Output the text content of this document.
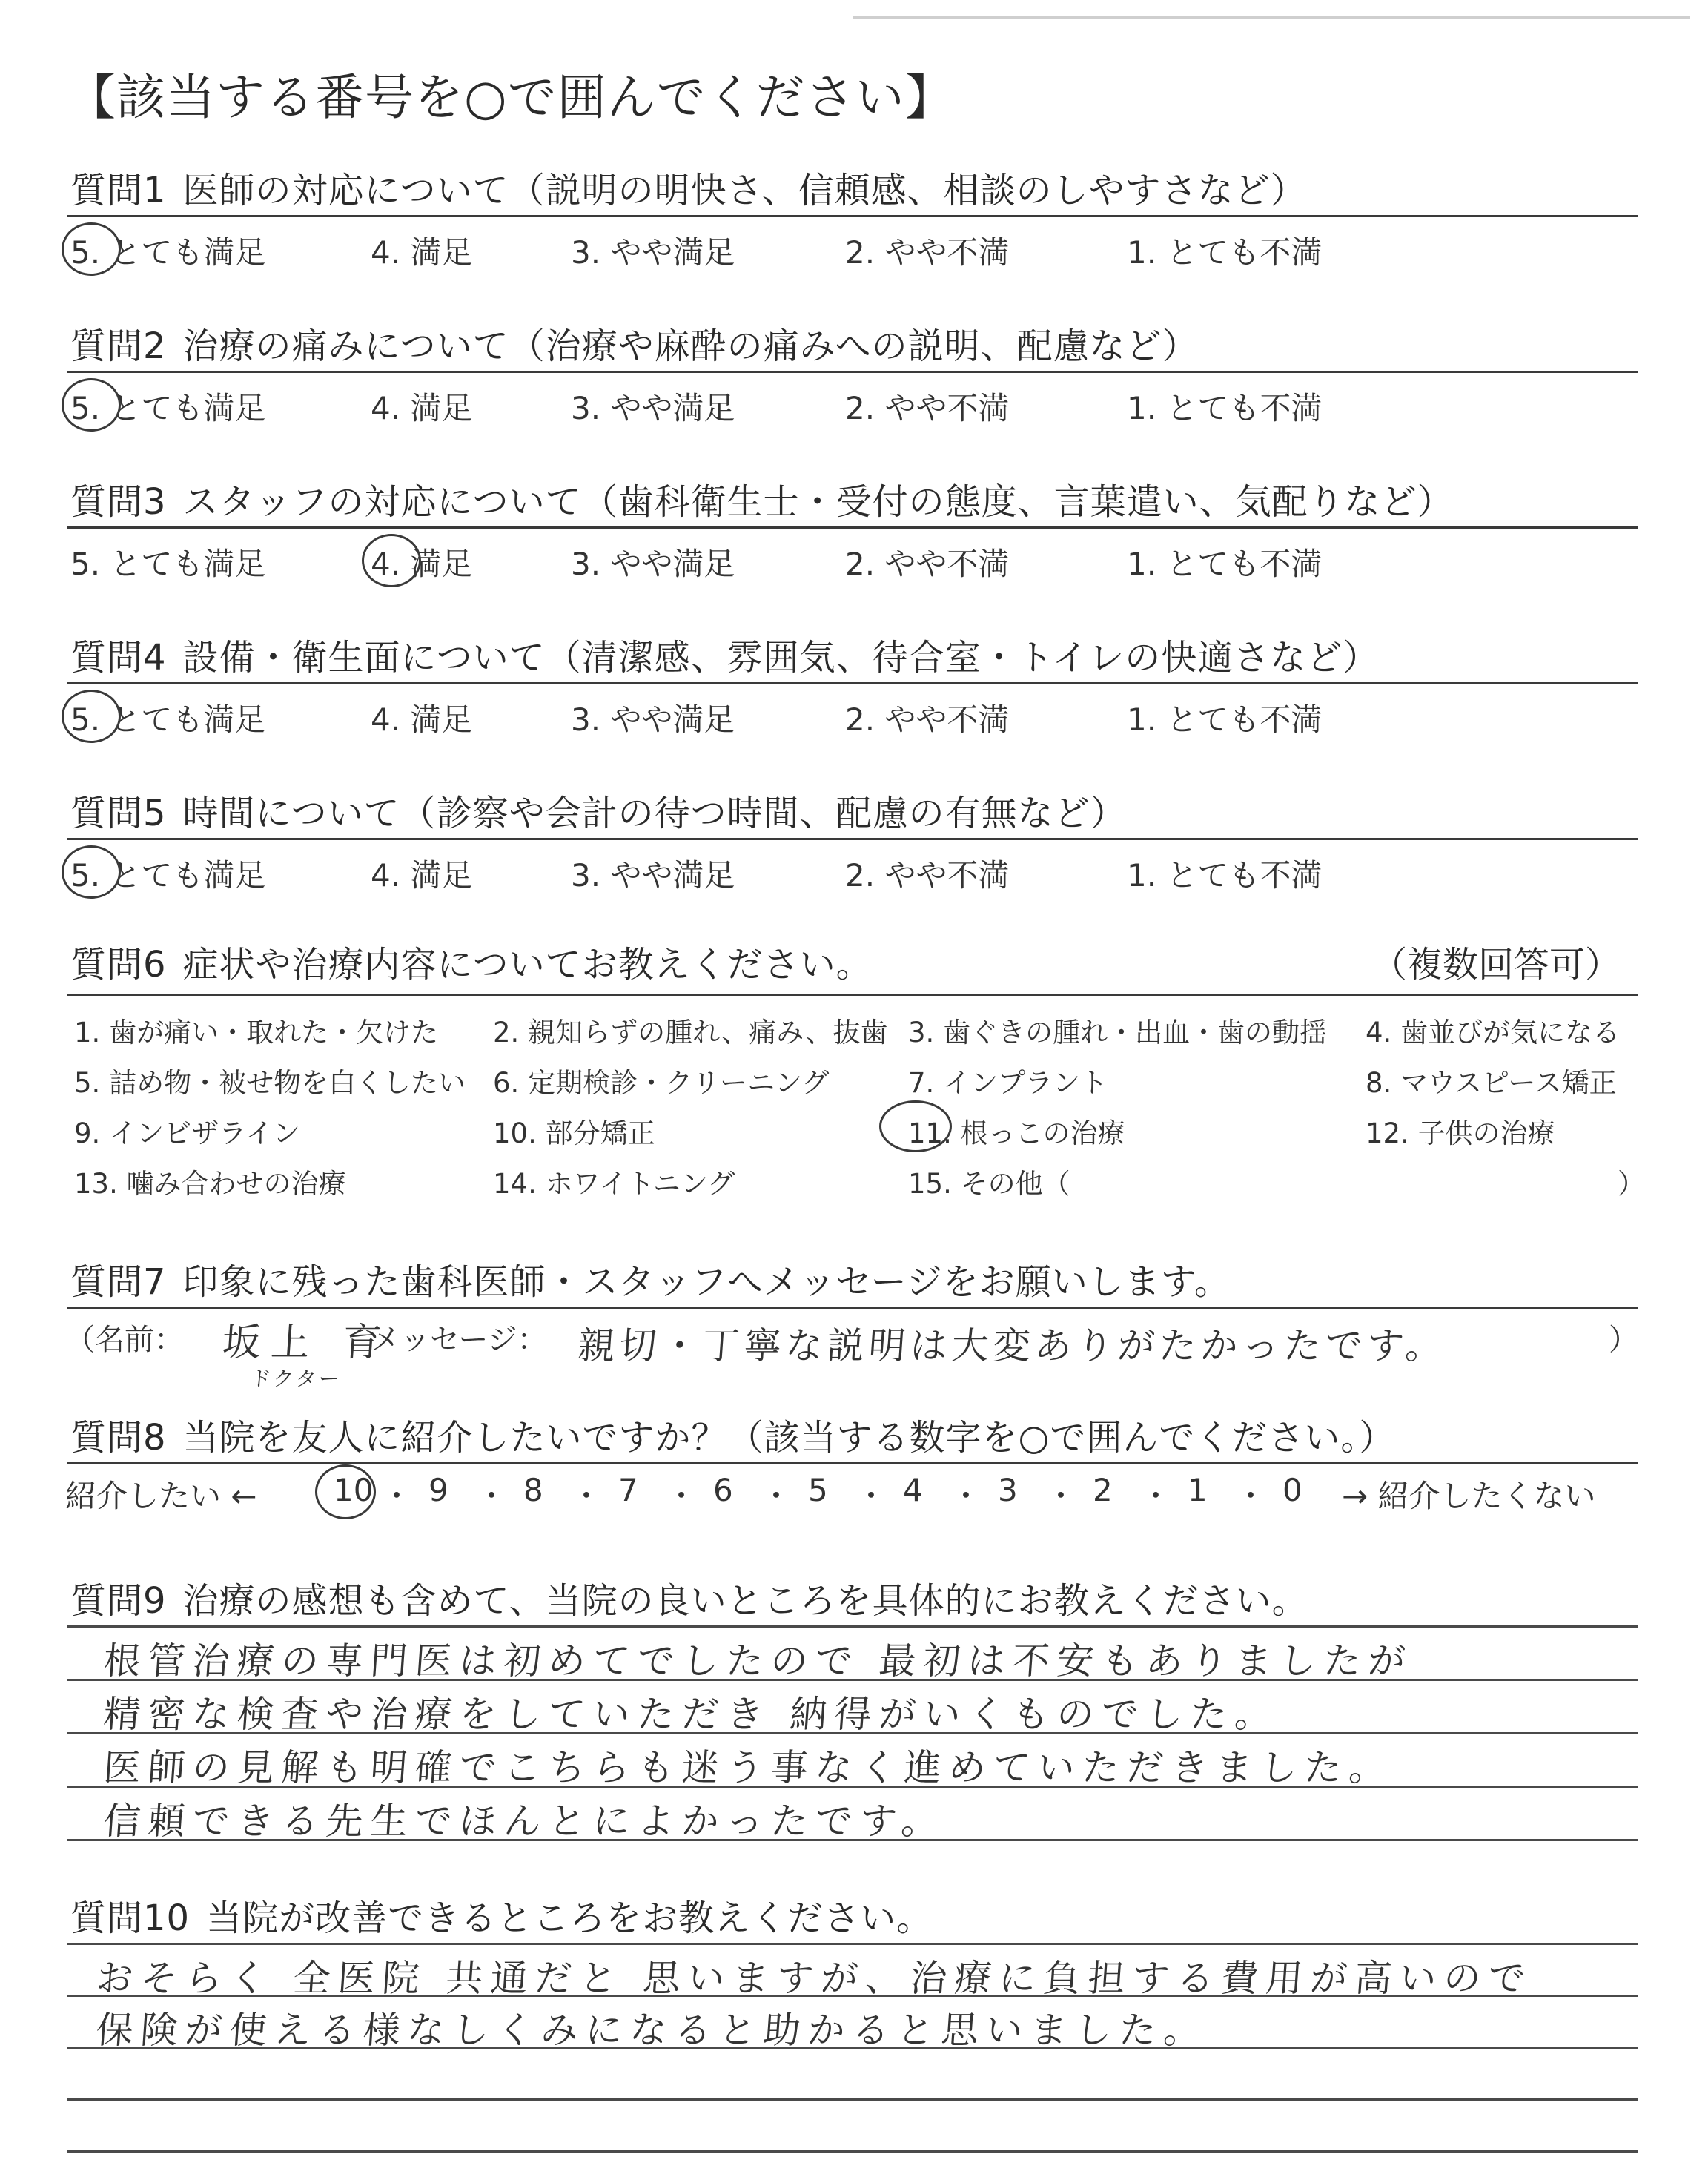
【該当する番号を○で囲んでください】
質問1 医師の対応について（説明の明快さ、信頼感、相談のしやすさなど）
5. とても満足	4. 満足	3. やや満足	2. やや不満	1. とても不満
質問2 治療の痛みについて（治療や麻酔の痛みへの説明、配慮など）
5. とても満足	4. 満足	3. やや満足	2. やや不満	1. とても不満
質問3 スタッフの対応について（歯科衛生士・受付の態度、言葉遣い、気配りなど）
5. とても満足	4. 満足	3. やや満足	2. やや不満	1. とても不満
質問4 設備・衛生面について（清潔感、雰囲気、待合室・トイレの快適さなど）
5. とても満足	4. 満足	3. やや満足	2. やや不満	1. とても不満
質問5 時間について（診察や会計の待つ時間、配慮の有無など）
5. とても満足	4. 満足	3. やや満足	2. やや不満	1. とても不満
質問6 症状や治療内容についてお教えください。	（複数回答可）
1. 歯が痛い・取れた・欠けた 2. 親知らずの腫れ、痛み、抜歯 3. 歯ぐきの腫れ・出血・歯の動揺 4. 歯並びが気になる
5. 詰め物・被せ物を白くしたい 6. 定期検診・クリーニング	7. インプラント	8. マウスピース矯正
9. インビザライン	10. 部分矯正	11. 根っこの治療	12. 子供の治療
13. 噛み合わせの治療	14. ホワイトニング	15. その他（	）
質問7 印象に残った歯科医師・スタッフへメッセージをお願いします。
（名前： 坂上 育
ドクター
メッセージ： 親切・丁寧な説明は大変ありがたかったです。	）
質問8 当院を友人に紹介したいですか？（該当する数字を○で囲んでください。）
紹介したい ← 10 ・ 9 ・ 8 ・ 7 ・ 6 ・ 5 ・ 4 ・ 3 ・ 2 ・ 1 ・ 0 → 紹介したくない
質問9 治療の感想も含めて、当院の良いところを具体的にお教えください。
根管治療の専門医は初めてでしたので 最初は不安もありましたが
精密な検査や治療をしていただき 納得がいくものでした。
医師の見解も明確でこちらも迷う事なく進めていただきました。
信頼できる先生でほんとによかったです。
質問10 当院が改善できるところをお教えください。
おそらく 全医院 共通だと 思いますが、治療に負担する費用が高いので
保険が使える様なしくみになると助かると思いました。
